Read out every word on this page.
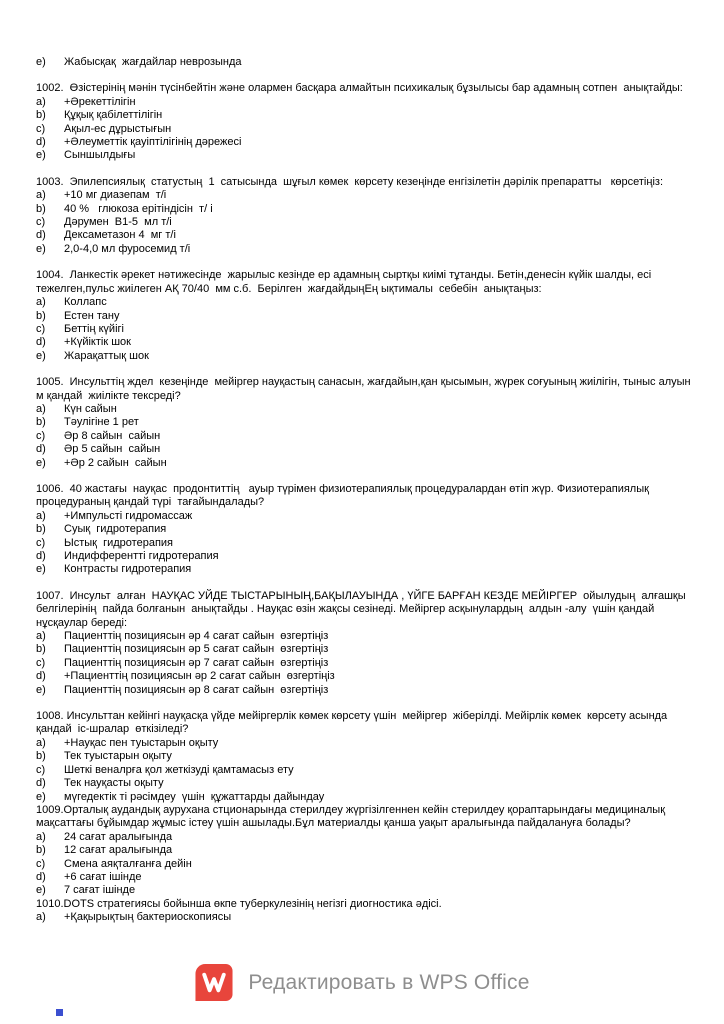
e)	Жабысқақ  жағдайлар неврозында
1002.  Өзістерінің мәнін түсінбейтін және олармен басқара алмайтын психикалық бұзылысы бар адамның сотпен  анықтайды:
a)	+Әрекеттілігін
b)	Құқық қабілеттілігін
c)	Ақыл-ес дұрыстығын
d)	+Әлеуметтік қауіптілігінің дәрежесі
e)	Сыншылдығы
1003.  Эпилепсиялық  статустың  1  сатысында  шұғыл көмек  көрсету кезеңінде енгізілетін дәрілік препаратты   көрсетіңіз:
a)	+10 мг диазепам  т/і
b)	40 %   глюкоза ерітіндісін  т/ і
c)	Дәрумен  В1-5  мл т/і
d)	Дексаметазон 4  мг т/і
e)	2,0-4,0 мл фуросемид т/і
1004.  Ланкестік әрекет нәтижесінде  жарылыс кезінде ер адамның сыртқы киімі тұтанды. Бетін,денесін күйік шалды, есі тежелген,пульс жиілеген АҚ 70/40  мм с.б.  Берілген  жағдайдыңЕң ықтималы  себебін  анықтаңыз:
a)	Коллапс
b)	Естен тану
c)	Беттің күйігі
d)	+Күйіктік шок
e)	Жарақаттық шок
1005.  Инсульттің ждел  кезеңінде  мейіргер науқастың санасын, жағдайын,қан қысымын, жүрек соғуының жиілігін, тыныс алуын м қандай  жиілікте тексреді?
a)	Күн сайын
b)	Тәулігіне 1 рет
c)	Әр 8 сайын  сайын
d)	Әр 5 сайын  сайын
e)	+Әр 2 сайын  сайын
1006.  40 жастағы  науқас  продонтиттің   ауыр түрімен физиотерапиялық процедуралардан өтіп жүр. Физиотерапиялық процедураның қандай түрі  тағайындалады?
a)	+Импульсті гидромассаж
b)	Суық  гидротерапия
c)	Ыстық  гидротерапия
d)	Индифферентті гидротерапия
e)	Контрасты гидротерапия
1007.  Инсульт  алған  НАУҚАС УЙДЕ ТЫСТАРЫНЫҢ,БАҚЫЛАУЫНДА , ҮЙГЕ БАРҒАН КЕЗДЕ МЕЙІРГЕР  ойылудың  алғашқы белгілерінің  пайда болғанын  анықтайды . Науқас өзін жақсы сезінеді. Мейіргер асқынулардың  алдын -алу  үшін қандай нұсқаулар береді:
a)	Пациенттің позициясын әр 4 сағат сайын  өзгертіңіз
b)	Пациенттің позициясын әр 5 сағат сайын  өзгертіңіз
c)	Пациенттің позициясын әр 7 сағат сайын  өзгертіңіз
d)	+Пациенттің позициясын әр 2 сағат сайын  өзгертіңіз
e)	Пациенттің позициясын әр 8 сағат сайын  өзгертіңіз
1008. Инсульттан кейінгі науқасқа үйде мейіргерлік көмек көрсету үшін  мейіргер  жіберілді. Мейірлік көмек  көрсету асында қандай  іс-шралар  өткізіледі?
a)	+Науқас пен туыстарын оқыту
b)	Тек туыстарын оқыту
c)	Шеткі веналрға қол жеткізуді қамтамасыз ету
d)	Тек науқасты оқыту
e)	мүгедектік ті рәсімдеу  үшін  құжаттарды дайындау
1009.Орталық аудандық аурухана стционарында стерилдеу жүргізілгеннен кейін стерилдеу қораптарындағы медициналық мақсаттағы бұйымдар жұмыс істеу үшін ашылады.Бұл материалды қанша уақыт аралығында пайдалануға болады?
a)	24 сағат аралығында
b)	12 сағат аралығында
c)	Смена аяқталғанға дейін
d)	+6 сағат ішінде
e)	7 сағат ішінде
1010.DOTS стратегиясы бойынша өкпе туберкулезінің негізгі диогностика әдісі.
a)	+Қақырықтың бактериоскопиясы
Редактировать в WPS Office
